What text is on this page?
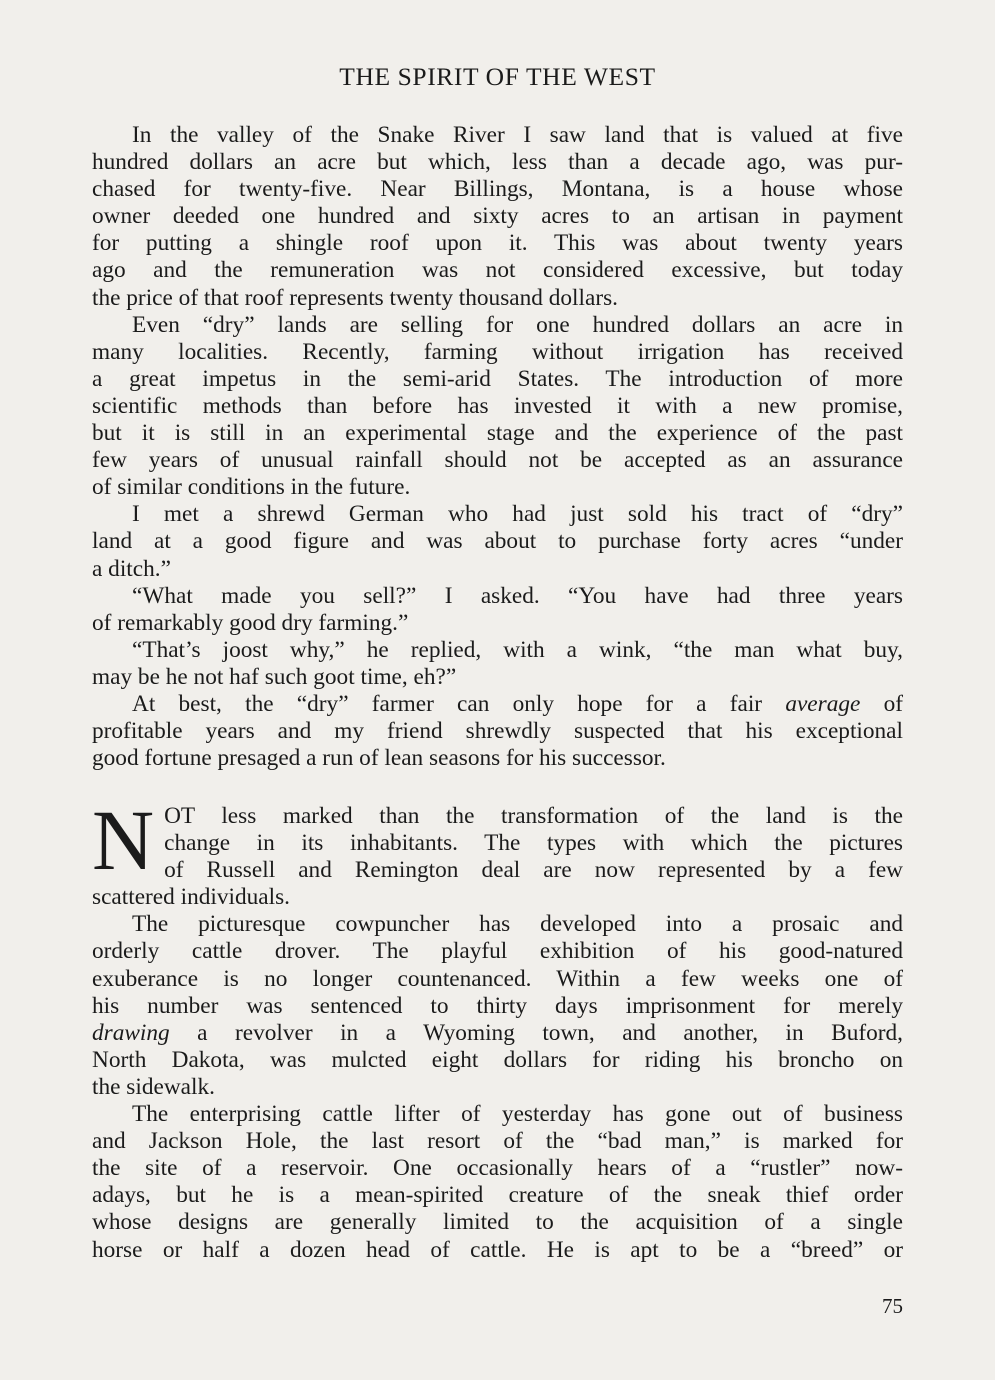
THE SPIRIT OF THE WEST

In the valley of the Snake River I saw land that is valued at five
hundred dollars an acre but which, less than a decade ago, was pur-
chased for twenty-five. Near Billings, Montana, is a house whose
owner deeded one hundred and sixty acres to an artisan in payment
for putting a shingle roof upon it. This was about twenty years
ago and the remuneration was not considered excessive, but today
the price of that roof represents twenty thousand dollars.

Even “dry” lands are selling for one hundred dollars an acre in
many localities. Recently, farming without irrigation has received
a great impetus in the semi-arid States. The introduction of more
scientific methods than before has invested it with a new promise,
but it is still in an experimental stage and the experience of the past
few years of unusual rainfall should not be accepted as an assurance
of similar conditions in the future.

I met a shrewd German who had just sold his tract of “dry”
land at a good figure and was about to purchase forty acres “under
a ditch.”

“What made you sell?” I asked. “You have had three years
of remarkably good dry farming.”

“That’s joost why,” he replied, with a wink, “the man what buy,
may be he not haf such goot time, eh?”

At best, the “dry” farmer can only hope for a fair average of
profitable years and my friend shrewdly suspected that his exceptional
good fortune presaged a run of lean seasons for his successor.

N OT less marked than the transformation of the land is the
change in its inhabitants. The types with which the pictures
of Russell and Remington deal are now represented by a few
scattered individuals.

The picturesque cowpuncher has developed into a prosaic and
orderly cattle drover. The playful exhibition of his good-natured
exuberance is no longer countenanced. Within a few weeks one of
his number was sentenced to thirty days imprisonment for merely
drawing a revolver in a Wyoming town, and another, in Buford,
North Dakota, was mulcted eight dollars for riding his broncho on
the sidewalk.

The enterprising cattle lifter of yesterday has gone out of business
and Jackson Hole, the last resort of the “bad man,” is marked for
the site of a reservoir. One occasionally hears of a “rustler” now-
adays, but he is a mean-spirited creature of the sneak thief order
whose designs are generally limited to the acquisition of a single
horse or half a dozen head of cattle. He is apt to be a “breed” or

75
